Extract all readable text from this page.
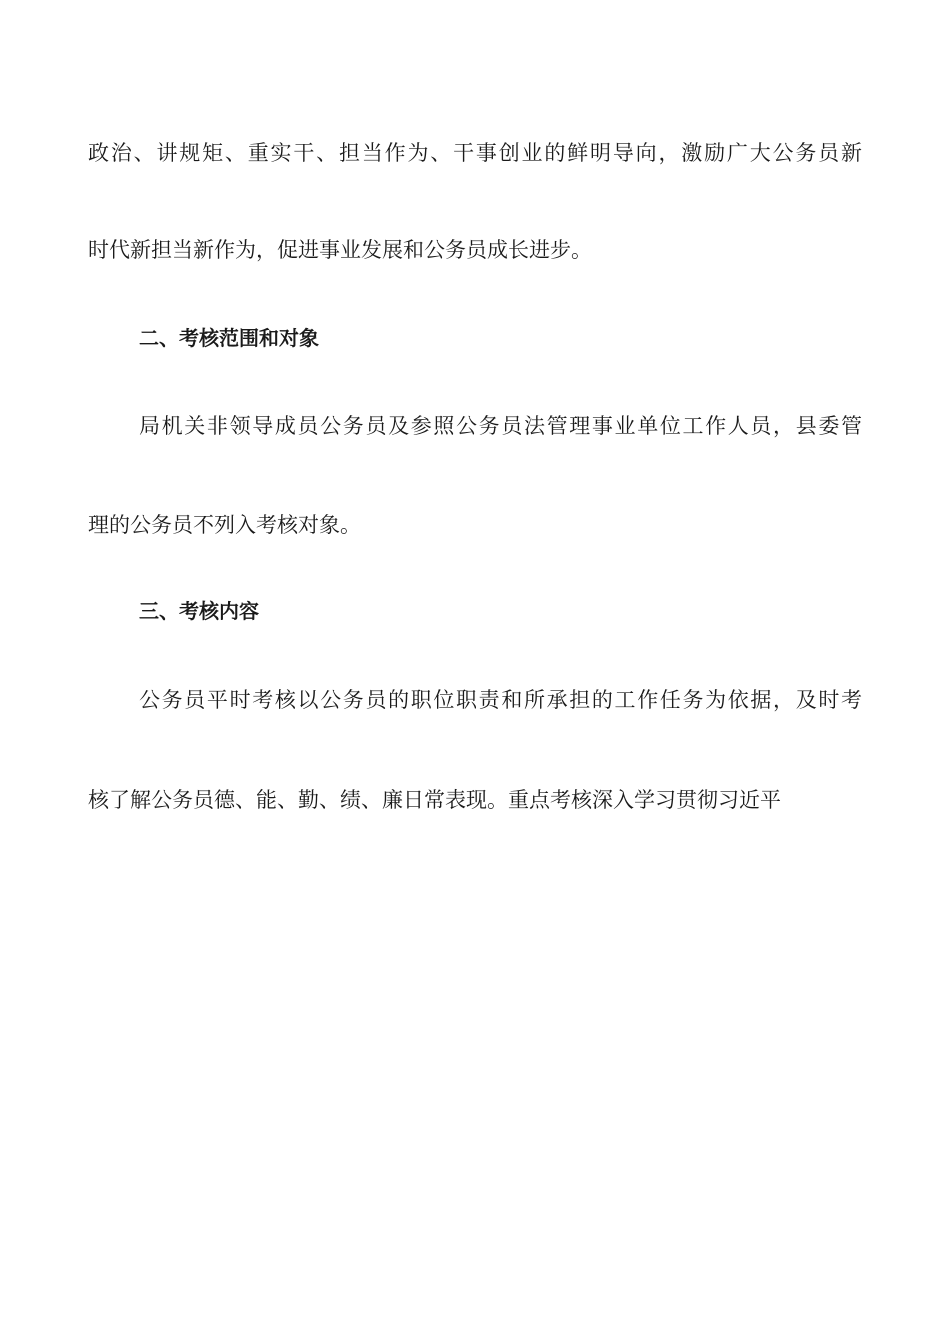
政治、讲规矩、重实干、担当作为、干事创业的鲜明导向，激励广大公务员新
时代新担当新作为，促进事业发展和公务员成长进步。
二、考核范围和对象
局机关非领导成员公务员及参照公务员法管理事业单位工作人员，县委管
理的公务员不列入考核对象。
三、考核内容
公务员平时考核以公务员的职位职责和所承担的工作任务为依据，及时考
核了解公务员德、能、勤、绩、廉日常表现。重点考核深入学习贯彻习近平
